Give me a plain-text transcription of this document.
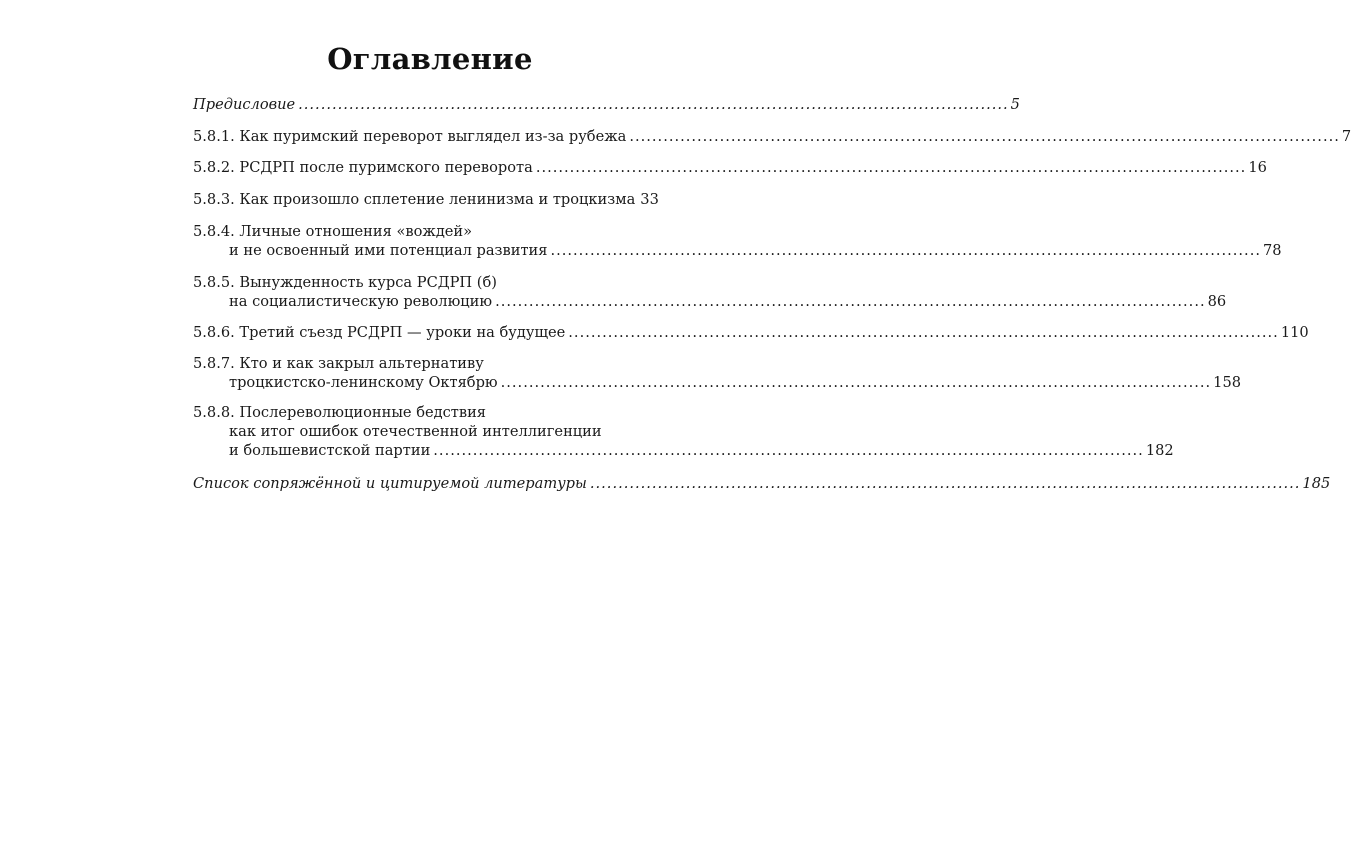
Оглавление
Предисловие .....	5
5.8.1. Как пуримский переворот выглядел из-за рубежа .....	7
5.8.2. РСДРП после пуримского переворота .....	16
5.8.3. Как произошло сплетение ленинизма и троцкизма 33
5.8.4. Личные отношения «вождей»
и не освоенный ими потенциал развития .....	78
5.8.5. Вынужденность курса РСДРП (б)
на социалистическую революцию .....	86
5.8.6. Третий съезд РСДРП — уроки на будущее .....	110
5.8.7. Кто и как закрыл альтернативу
троцкистско-ленинскому Октябрю .....	158
5.8.8. Послереволюционные бедствия
как итог ошибок отечественной интеллигенции
и большевистской партии .....	182
Список сопряжённой и цитируемой литературы .....	185
